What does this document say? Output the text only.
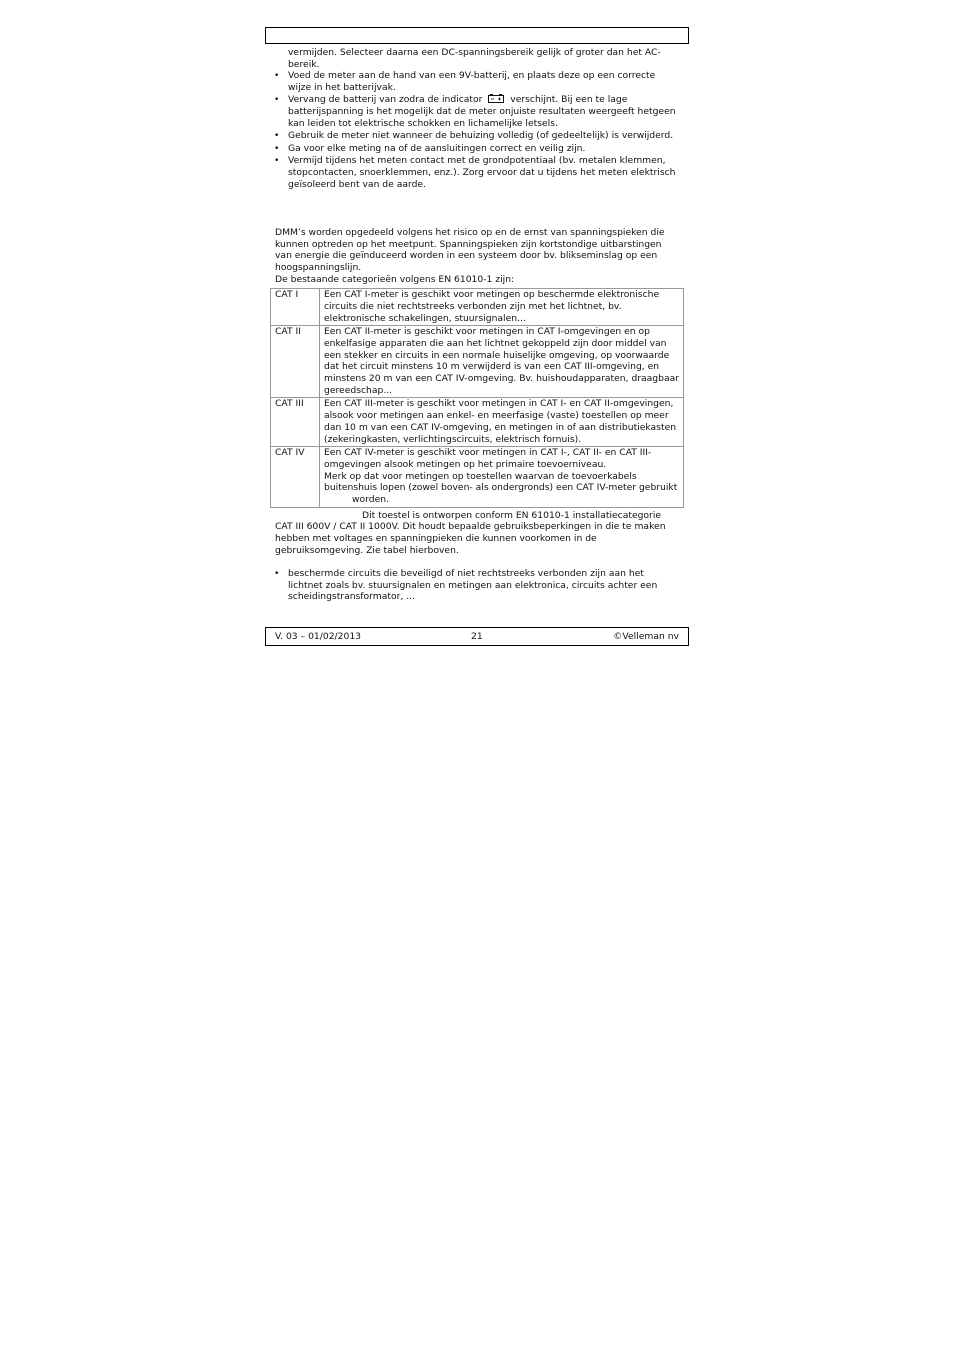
vermijden. Selecteer daarna een DC-spanningsbereik gelijk of groter dan het AC-bereik.
• Voed de meter aan de hand van een 9V-batterij, en plaats deze op een correcte wijze in het batterijvak.
• Vervang de batterij van zodra de indicator	verschijnt. Bij een te lage batterijspanning is het mogelijk dat de meter onjuiste resultaten weergeeft hetgeen kan leiden tot elektrische schokken en lichamelijke letsels.
• Gebruik de meter niet wanneer de behuizing volledig (of gedeeltelijk) is verwijderd.
• Ga voor elke meting na of de aansluitingen correct en veilig zijn.
• Vermijd tijdens het meten contact met de grondpotentiaal (bv. metalen klemmen, stopcontacten, snoerklemmen, enz.). Zorg ervoor dat u tijdens het meten elektrisch geïsoleerd bent van de aarde.
DMM’s worden opgedeeld volgens het risico op en de ernst van spanningspieken die kunnen optreden op het meetpunt. Spanningspieken zijn kortstondige uitbarstingen van energie die geïnduceerd worden in een systeem door bv. blikseminslag op een hoogspanningslijn.
De bestaande categorieën volgens EN 61010-1 zijn:
CAT I	Een CAT I-meter is geschikt voor metingen op beschermde elektronische circuits die niet rechtstreeks verbonden zijn met het lichtnet, bv. elektronische schakelingen, stuursignalen…
CAT II	Een CAT II-meter is geschikt voor metingen in CAT I-omgevingen en op enkelfasige apparaten die aan het lichtnet gekoppeld zijn door middel van een stekker en circuits in een normale huiselijke omgeving, op voorwaarde dat het circuit minstens 10 m verwijderd is van een CAT III-omgeving, en minstens 20 m van een CAT IV-omgeving. Bv. huishoudapparaten, draagbaar gereedschap...
CAT III	Een CAT III-meter is geschikt voor metingen in CAT I- en CAT II-omgevingen, alsook voor metingen aan enkel- en meerfasige (vaste) toestellen op meer dan 10 m van een CAT IV-omgeving, en metingen in of aan distributiekasten (zekeringkasten, verlichtingscircuits, elektrisch fornuis).
CAT IV	Een CAT IV-meter is geschikt voor metingen in CAT I-, CAT II- en CAT III-omgevingen alsook metingen op het primaire toevoerniveau.
Merk op dat voor metingen op toestellen waarvan de toevoerkabels buitenshuis lopen (zowel boven- als ondergronds) een CAT IV-meter gebruiktworden.
Dit toestel is ontworpen conform EN 61010-1 installatiecategorie
CAT III 600V / CAT II 1000V. Dit houdt bepaalde gebruiksbeperkingen in die te maken hebben met voltages en spanningpieken die kunnen voorkomen in de gebruiksomgeving. Zie tabel hierboven.
• beschermde circuits die beveiligd of niet rechtstreeks verbonden zijn aan het lichtnet zoals bv. stuursignalen en metingen aan elektronica, circuits achter een scheidingstransformator, ...
V. 03 – 01/02/2013	21	©Velleman nv
